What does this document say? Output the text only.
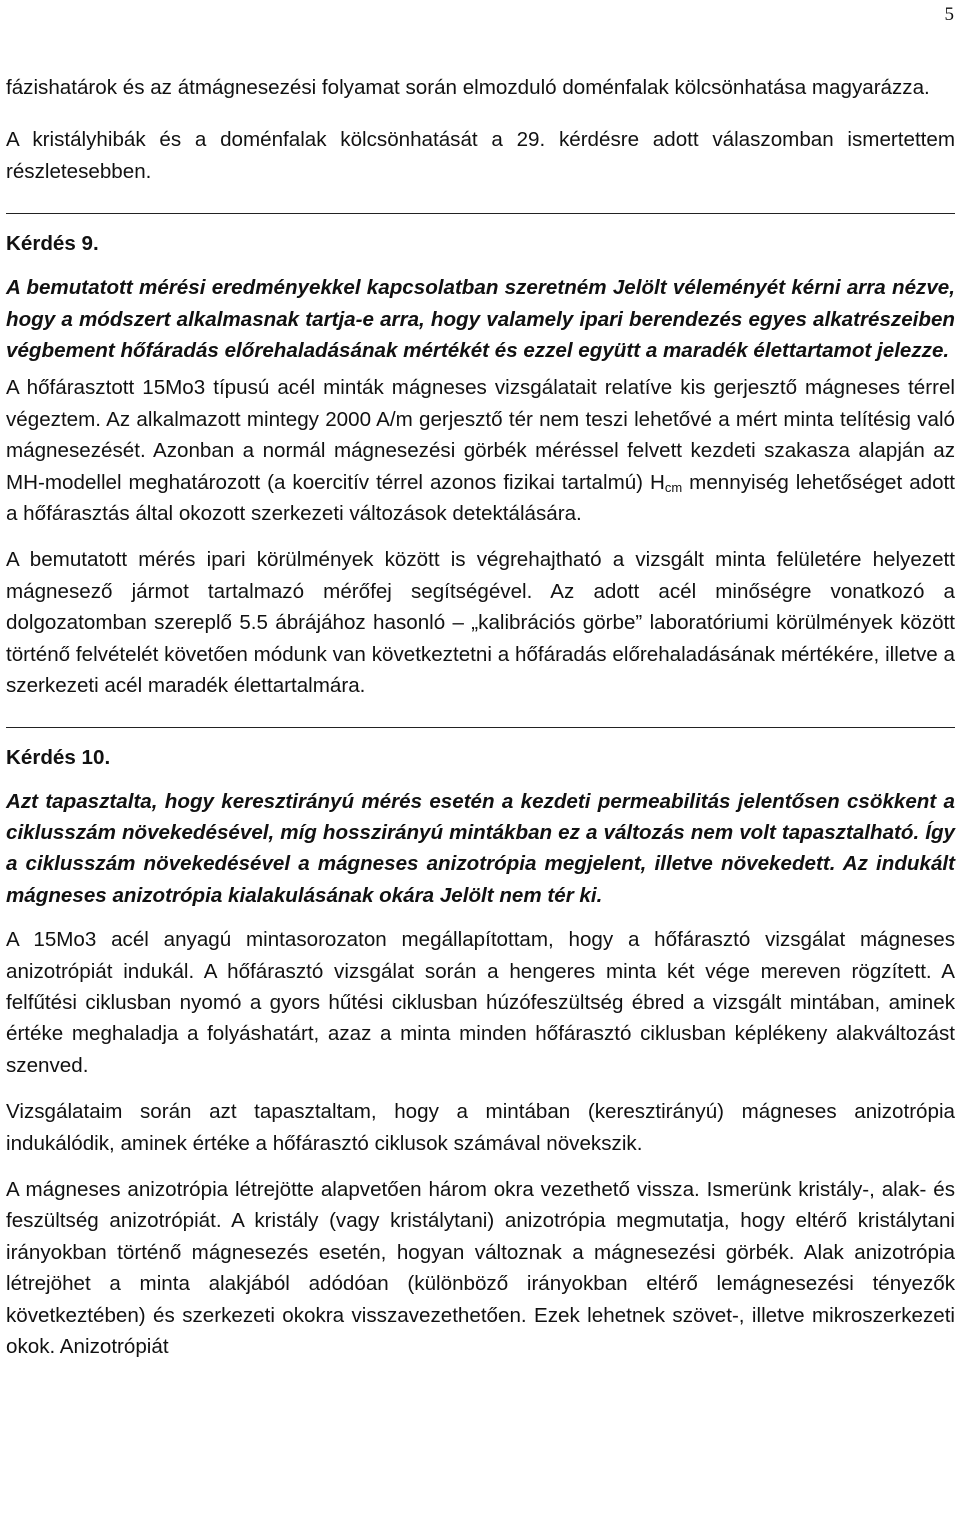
5

fázishatárok és az átmágnesezési folyamat során elmozduló doménfalak kölcsönhatása magyarázza.

A kristályhibák és a doménfalak kölcsönhatását a 29. kérdésre adott válaszomban ismertettem részletesebben.

Kérdés 9.

A bemutatott mérési eredményekkel kapcsolatban szeretném Jelölt véleményét kérni arra nézve, hogy a módszert alkalmasnak tartja-e arra, hogy valamely ipari berendezés egyes alkatrészeiben végbement hőfáradás előrehaladásának mértékét és ezzel együtt a maradék élettartamot jelezze.

A hőfárasztott 15Mo3 típusú acél minták mágneses vizsgálatait relatíve kis gerjesztő mágneses térrel végeztem. Az alkalmazott mintegy 2000 A/m gerjesztő tér nem teszi lehetővé a mért minta telítésig való mágnesezését. Azonban a normál mágnesezési görbék méréssel felvett kezdeti szakasza alapján az MH-modellel meghatározott (a koercitív térrel azonos fizikai tartalmú) $H_{cm}$ mennyiség lehetőséget adott a hőfárasztás által okozott szerkezeti változások detektálására.

A bemutatott mérés ipari körülmények között is végrehajtható a vizsgált minta felületére helyezett mágnesező jármot tartalmazó mérőfej segítségével. Az adott acél minőségre vonatkozó a dolgozatomban szereplő 5.5 ábrájához hasonló – „kalibrációs görbe” laboratóriumi körülmények között történő felvételét követően módunk van következtetni a hőfáradás előrehaladásának mértékére, illetve a szerkezeti acél maradék élettartalmára.

Kérdés 10.

Azt tapasztalta, hogy keresztirányú mérés esetén a kezdeti permeabilitás jelentősen csökkent a ciklusszám növekedésével, míg hosszirányú mintákban ez a változás nem volt tapasztalható. Így a ciklusszám növekedésével a mágneses anizotrópia megjelent, illetve növekedett. Az indukált mágneses anizotrópia kialakulásának okára Jelölt nem tér ki.

A 15Mo3 acél anyagú mintasorozaton megállapítottam, hogy a hőfárasztó vizsgálat mágneses anizotrópiát indukál. A hőfárasztó vizsgálat során a hengeres minta két vége mereven rögzített. A felfűtési ciklusban nyomó a gyors hűtési ciklusban húzófeszültség ébred a vizsgált mintában, aminek értéke meghaladja a folyáshatárt, azaz a minta minden hőfárasztó ciklusban képlékeny alakváltozást szenved.

Vizsgálataim során azt tapasztaltam, hogy a mintában (keresztirányú) mágneses anizotrópia indukálódik, aminek értéke a hőfárasztó ciklusok számával növekszik.

A mágneses anizotrópia létrejötte alapvetően három okra vezethető vissza. Ismerünk kristály-, alak- és feszültség anizotrópiát. A kristály (vagy kristálytani) anizotrópia megmutatja, hogy eltérő kristálytani irányokban történő mágnesezés esetén, hogyan változnak a mágnesezési görbék. Alak anizotrópia létrejöhet a minta alakjából adódóan (különböző irányokban eltérő lemágnesezési tényezők következtében) és szerkezeti okokra visszavezethetően. Ezek lehetnek szövet-, illetve mikroszerkezeti okok. Anizotrópiát
